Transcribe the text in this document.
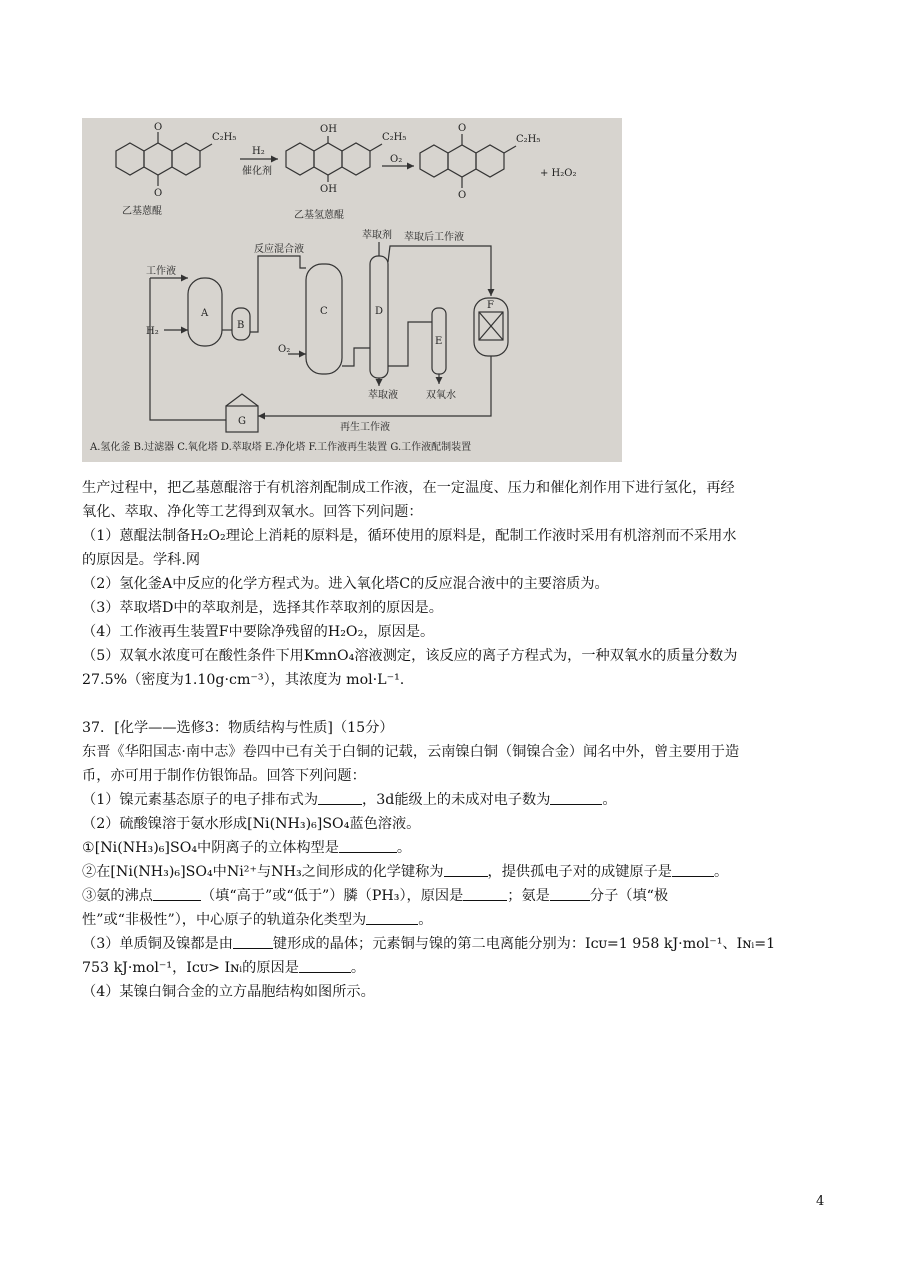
C₂H₅
O
O
H₂
催化剂
OH
OH
C₂H₅
O₂
O
O
C₂H₅
+ H₂O₂
乙基蒽醌	乙基氢蒽醌
工作液
反应混合液
萃取剂 萃取后工作液
H₂
O₂
A
B
C	D
E
F
G
萃取液	双氧水
再生工作液
A.氢化釜 B.过滤器 C.氧化塔 D.萃取塔 E.净化塔 F.工作液再生装置 G.工作液配制装置
生产过程中，把乙基蒽醌溶于有机溶剂配制成工作液，在一定温度、压力和催化剂作用下进行氢化，再经
氧化、萃取、净化等工艺得到双氧水。回答下列问题：
（1）蒽醌法制备H₂O₂理论上消耗的原料是，循环使用的原料是，配制工作液时采用有机溶剂而不采用水
的原因是。学科.网
（2）氢化釜A中反应的化学方程式为。进入氧化塔C的反应混合液中的主要溶质为。
（3）萃取塔D中的萃取剂是，选择其作萃取剂的原因是。
（4）工作液再生装置F中要除净残留的H₂O₂，原因是。
（5）双氧水浓度可在酸性条件下用KmnO₄溶液测定，该反应的离子方程式为，一种双氧水的质量分数为
27.5%（密度为1.10g·cm⁻³），其浓度为 mol·L⁻¹.
37．[化学——选修3：物质结构与性质]（15分）
东晋《华阳国志·南中志》卷四中已有关于白铜的记载，云南镍白铜（铜镍合金）闻名中外，曾主要用于造
币，亦可用于制作仿银饰品。回答下列问题：
（1）镍元素基态原子的电子排布式为	，3d能级上的未成对电子数为	。
（2）硫酸镍溶于氨水形成[Ni(NH₃)₆]SO₄蓝色溶液。
①[Ni(NH₃)₆]SO₄中阴离子的立体构型是	。
②在[Ni(NH₃)₆]SO₄中Ni²⁺与NH₃之间形成的化学键称为	，提供孤电子对的成键原子是	。
③氨的沸点	（填“高于”或“低于”）膦（PH₃），原因是	；氨是	分子（填“极
性”或“非极性”），中心原子的轨道杂化类型为	。
（3）单质铜及镍都是由	键形成的晶体；元素铜与镍的第二电离能分别为：Iᴄᴜ=1 958 kJ·mol⁻¹、Iɴᵢ=1
753 kJ·mol⁻¹，Iᴄᴜ> Iɴᵢ的原因是	。
（4）某镍白铜合金的立方晶胞结构如图所示。
4
